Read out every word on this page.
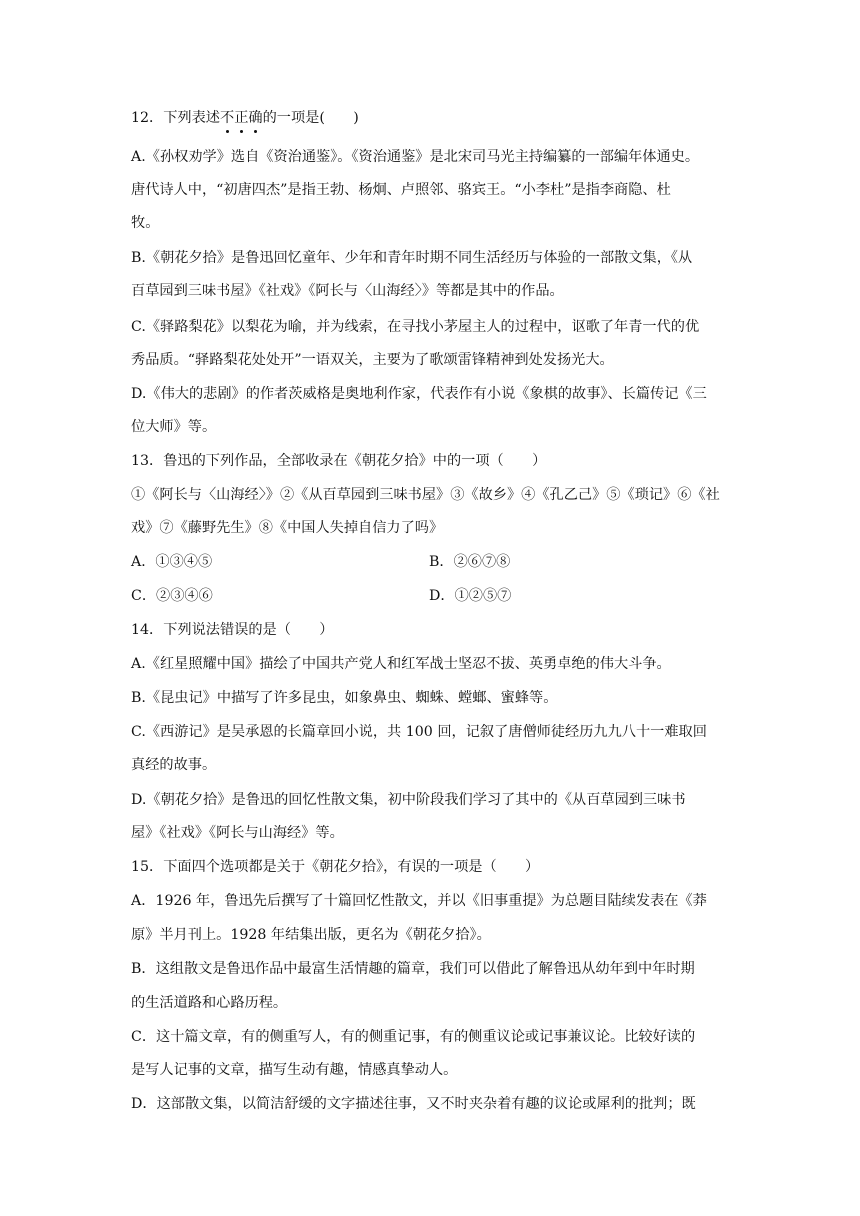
12．下列表述不正确的一项是(　　)
A.《孙权劝学》选自《资治通鉴》。《资治通鉴》是北宋司马光主持编纂的一部编年体通史。
唐代诗人中，“初唐四杰”是指王勃、杨炯、卢照邻、骆宾王。“小李杜”是指李商隐、杜
牧。
B.《朝花夕拾》是鲁迅回忆童年、少年和青年时期不同生活经历与体验的一部散文集，《从
百草园到三味书屋》《社戏》《阿长与〈山海经〉》等都是其中的作品。
C.《驿路梨花》以梨花为喻，并为线索，在寻找小茅屋主人的过程中，讴歌了年青一代的优
秀品质。“驿路梨花处处开”一语双关，主要为了歌颂雷锋精神到处发扬光大。
D.《伟大的悲剧》的作者茨威格是奥地利作家，代表作有小说《象棋的故事》、长篇传记《三
位大师》等。
13．鲁迅的下列作品，全部收录在《朝花夕拾》中的一项（　　）
①《阿长与〈山海经〉》②《从百草园到三味书屋》③《故乡》④《孔乙己》⑤《琐记》⑥《社
戏》⑦《藤野先生》⑧《中国人失掉自信力了吗》
A．①③④⑤	B．②⑥⑦⑧
C．②③④⑥	D．①②⑤⑦
14．下列说法错误的是（　　）
A.《红星照耀中国》描绘了中国共产党人和红军战士坚忍不拔、英勇卓绝的伟大斗争。
B.《昆虫记》中描写了许多昆虫，如象鼻虫、蜘蛛、螳螂、蜜蜂等。
C.《西游记》是吴承恩的长篇章回小说，共 100 回，记叙了唐僧师徒经历九九八十一难取回
真经的故事。
D.《朝花夕拾》是鲁迅的回忆性散文集，初中阶段我们学习了其中的《从百草园到三味书
屋》《社戏》《阿长与山海经》等。
15．下面四个选项都是关于《朝花夕拾》，有误的一项是（　　）
A．1926 年，鲁迅先后撰写了十篇回忆性散文，并以《旧事重提》为总题目陆续发表在《莽
原》半月刊上。1928 年结集出版，更名为《朝花夕拾》。
B．这组散文是鲁迅作品中最富生活情趣的篇章，我们可以借此了解鲁迅从幼年到中年时期
的生活道路和心路历程。
C．这十篇文章，有的侧重写人，有的侧重记事，有的侧重议论或记事兼议论。比较好读的
是写人记事的文章，描写生动有趣，情感真挚动人。
D．这部散文集，以简洁舒缓的文字描述往事，又不时夹杂着有趣的议论或犀利的批判；既
